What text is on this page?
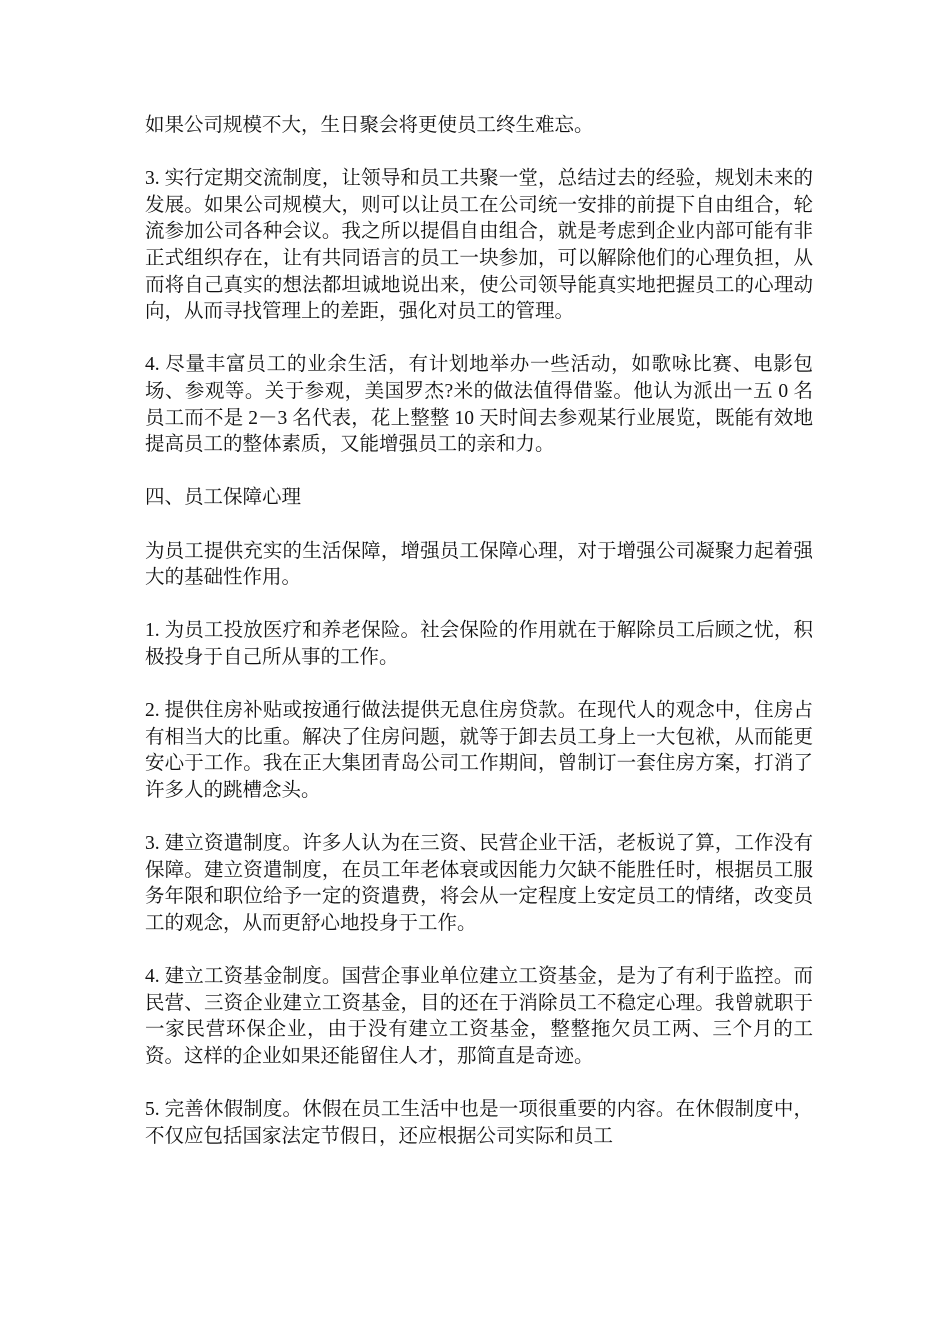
如果公司规模不大，生日聚会将更使员工终生难忘。

3. 实行定期交流制度，让领导和员工共聚一堂，总结过去的经验，规划未来的发展。如果公司规模大，则可以让员工在公司统一安排的前提下自由组合，轮流参加公司各种会议。我之所以提倡自由组合，就是考虑到企业内部可能有非正式组织存在，让有共同语言的员工一块参加，可以解除他们的心理负担，从而将自己真实的想法都坦诚地说出来，使公司领导能真实地把握员工的心理动向，从而寻找管理上的差距，强化对员工的管理。

4. 尽量丰富员工的业余生活，有计划地举办一些活动，如歌咏比赛、电影包场、参观等。关于参观，美国罗杰?米的做法值得借鉴。他认为派出一五 0 名员工而不是 2－3 名代表，花上整整 10 天时间去参观某行业展览，既能有效地提高员工的整体素质，又能增强员工的亲和力。

四、员工保障心理

为员工提供充实的生活保障，增强员工保障心理，对于增强公司凝聚力起着强大的基础性作用。

1. 为员工投放医疗和养老保险。社会保险的作用就在于解除员工后顾之忧，积极投身于自己所从事的工作。

2. 提供住房补贴或按通行做法提供无息住房贷款。在现代人的观念中，住房占有相当大的比重。解决了住房问题，就等于卸去员工身上一大包袱，从而能更安心于工作。我在正大集团青岛公司工作期间，曾制订一套住房方案，打消了许多人的跳槽念头。

3. 建立资遣制度。许多人认为在三资、民营企业干活，老板说了算，工作没有保障。建立资遣制度，在员工年老体衰或因能力欠缺不能胜任时，根据员工服务年限和职位给予一定的资遣费，将会从一定程度上安定员工的情绪，改变员工的观念，从而更舒心地投身于工作。

4. 建立工资基金制度。国营企事业单位建立工资基金，是为了有利于监控。而民营、三资企业建立工资基金，目的还在于消除员工不稳定心理。我曾就职于一家民营环保企业，由于没有建立工资基金，整整拖欠员工两、三个月的工资。这样的企业如果还能留住人才，那简直是奇迹。

5. 完善休假制度。休假在员工生活中也是一项很重要的内容。在休假制度中，不仅应包括国家法定节假日，还应根据公司实际和员工
